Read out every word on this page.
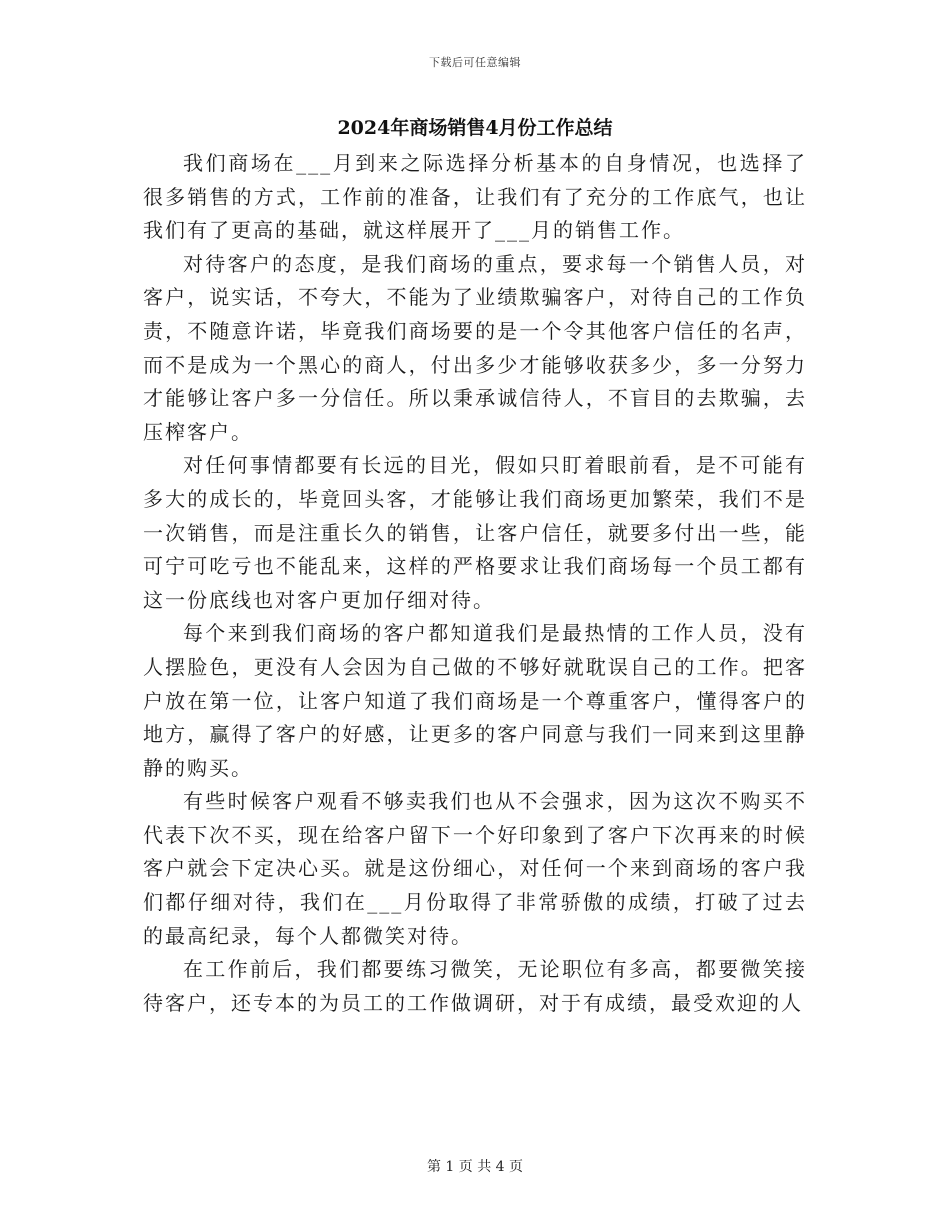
下载后可任意编辑
2024年商场销售4月份工作总结

我们商场在___月到来之际选择分析基本的自身情况，也选择了很多销售的方式，工作前的准备，让我们有了充分的工作底气，也让我们有了更高的基础，就这样展开了___月的销售工作。

对待客户的态度，是我们商场的重点，要求每一个销售人员，对客户，说实话，不夸大，不能为了业绩欺骗客户，对待自己的工作负责，不随意许诺，毕竟我们商场要的是一个令其他客户信任的名声，而不是成为一个黑心的商人，付出多少才能够收获多少，多一分努力才能够让客户多一分信任。所以秉承诚信待人，不盲目的去欺骗，去压榨客户。

对任何事情都要有长远的目光，假如只盯着眼前看，是不可能有多大的成长的，毕竟回头客，才能够让我们商场更加繁荣，我们不是一次销售，而是注重长久的销售，让客户信任，就要多付出一些，能可宁可吃亏也不能乱来，这样的严格要求让我们商场每一个员工都有这一份底线也对客户更加仔细对待。

每个来到我们商场的客户都知道我们是最热情的工作人员，没有人摆脸色，更没有人会因为自己做的不够好就耽误自己的工作。把客户放在第一位，让客户知道了我们商场是一个尊重客户，懂得客户的地方，赢得了客户的好感，让更多的客户同意与我们一同来到这里静静的购买。

有些时候客户观看不够卖我们也从不会强求，因为这次不购买不代表下次不买，现在给客户留下一个好印象到了客户下次再来的时候客户就会下定决心买。就是这份细心，对任何一个来到商场的客户我们都仔细对待，我们在___月份取得了非常骄傲的成绩，打破了过去的最高纪录，每个人都微笑对待。

在工作前后，我们都要练习微笑，无论职位有多高，都要微笑接待客户，还专本的为员工的工作做调研，对于有成绩，最受欢迎的人

第 1 页 共 4 页
